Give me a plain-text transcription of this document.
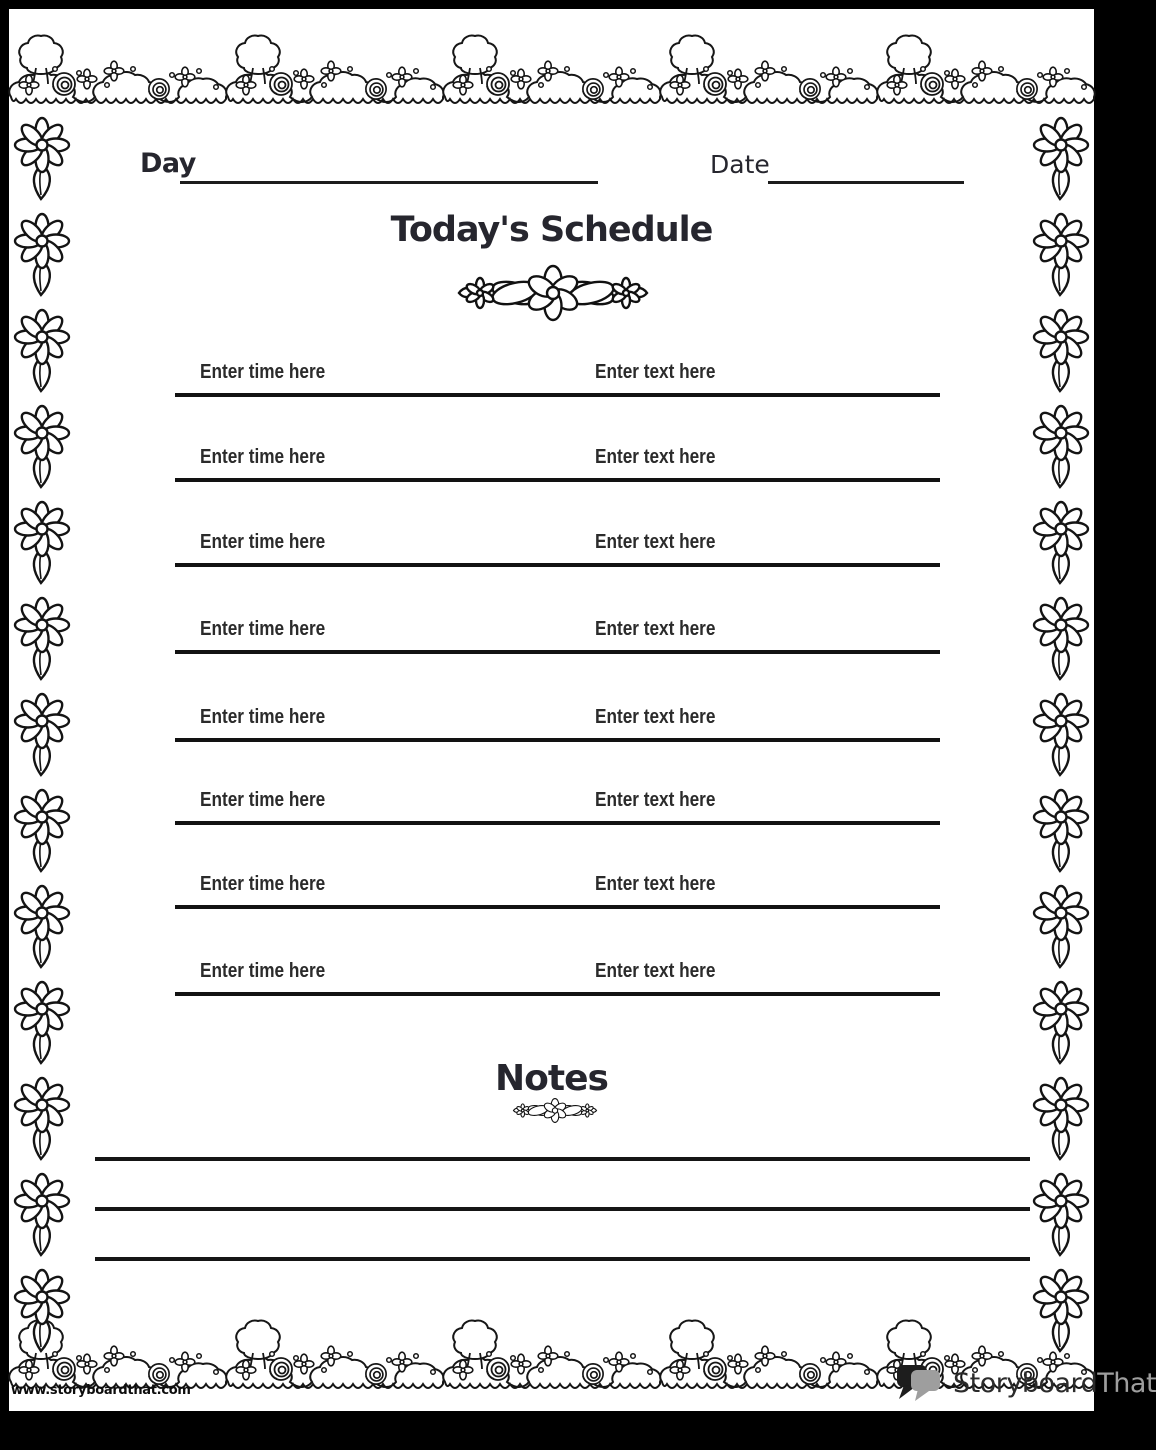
Day	Date
Today's Schedule
Enter time here	Enter text here
Enter time here	Enter text here
Enter time here	Enter text here
Enter time here	Enter text here
Enter time here	Enter text here
Enter time here	Enter text here
Enter time here	Enter text here
Enter time here	Enter text here
Notes
www.storyboardthat.com	StoryboardThat
